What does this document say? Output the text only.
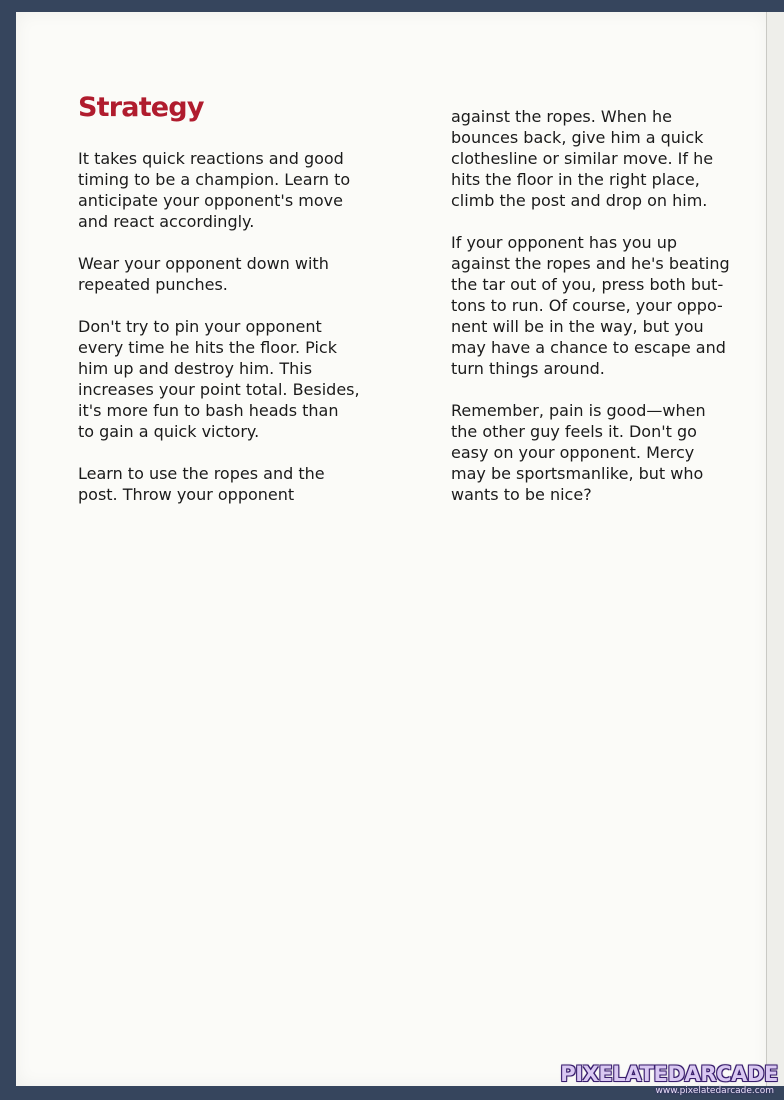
Strategy

It takes quick reactions and good
timing to be a champion. Learn to
anticipate your opponent's move
and react accordingly.

Wear your opponent down with
repeated punches.

Don't try to pin your opponent
every time he hits the floor. Pick
him up and destroy him. This
increases your point total. Besides,
it's more fun to bash heads than
to gain a quick victory.

Learn to use the ropes and the
post. Throw your opponent

against the ropes. When he
bounces back, give him a quick
clothesline or similar move. If he
hits the floor in the right place,
climb the post and drop on him.

If your opponent has you up
against the ropes and he's beating
the tar out of you, press both but-
tons to run. Of course, your oppo-
nent will be in the way, but you
may have a chance to escape and
turn things around.

Remember, pain is good—when
the other guy feels it. Don't go
easy on your opponent. Mercy
may be sportsmanlike, but who
wants to be nice?

PIXELATEDARCADE
www.pixelatedarcade.com
